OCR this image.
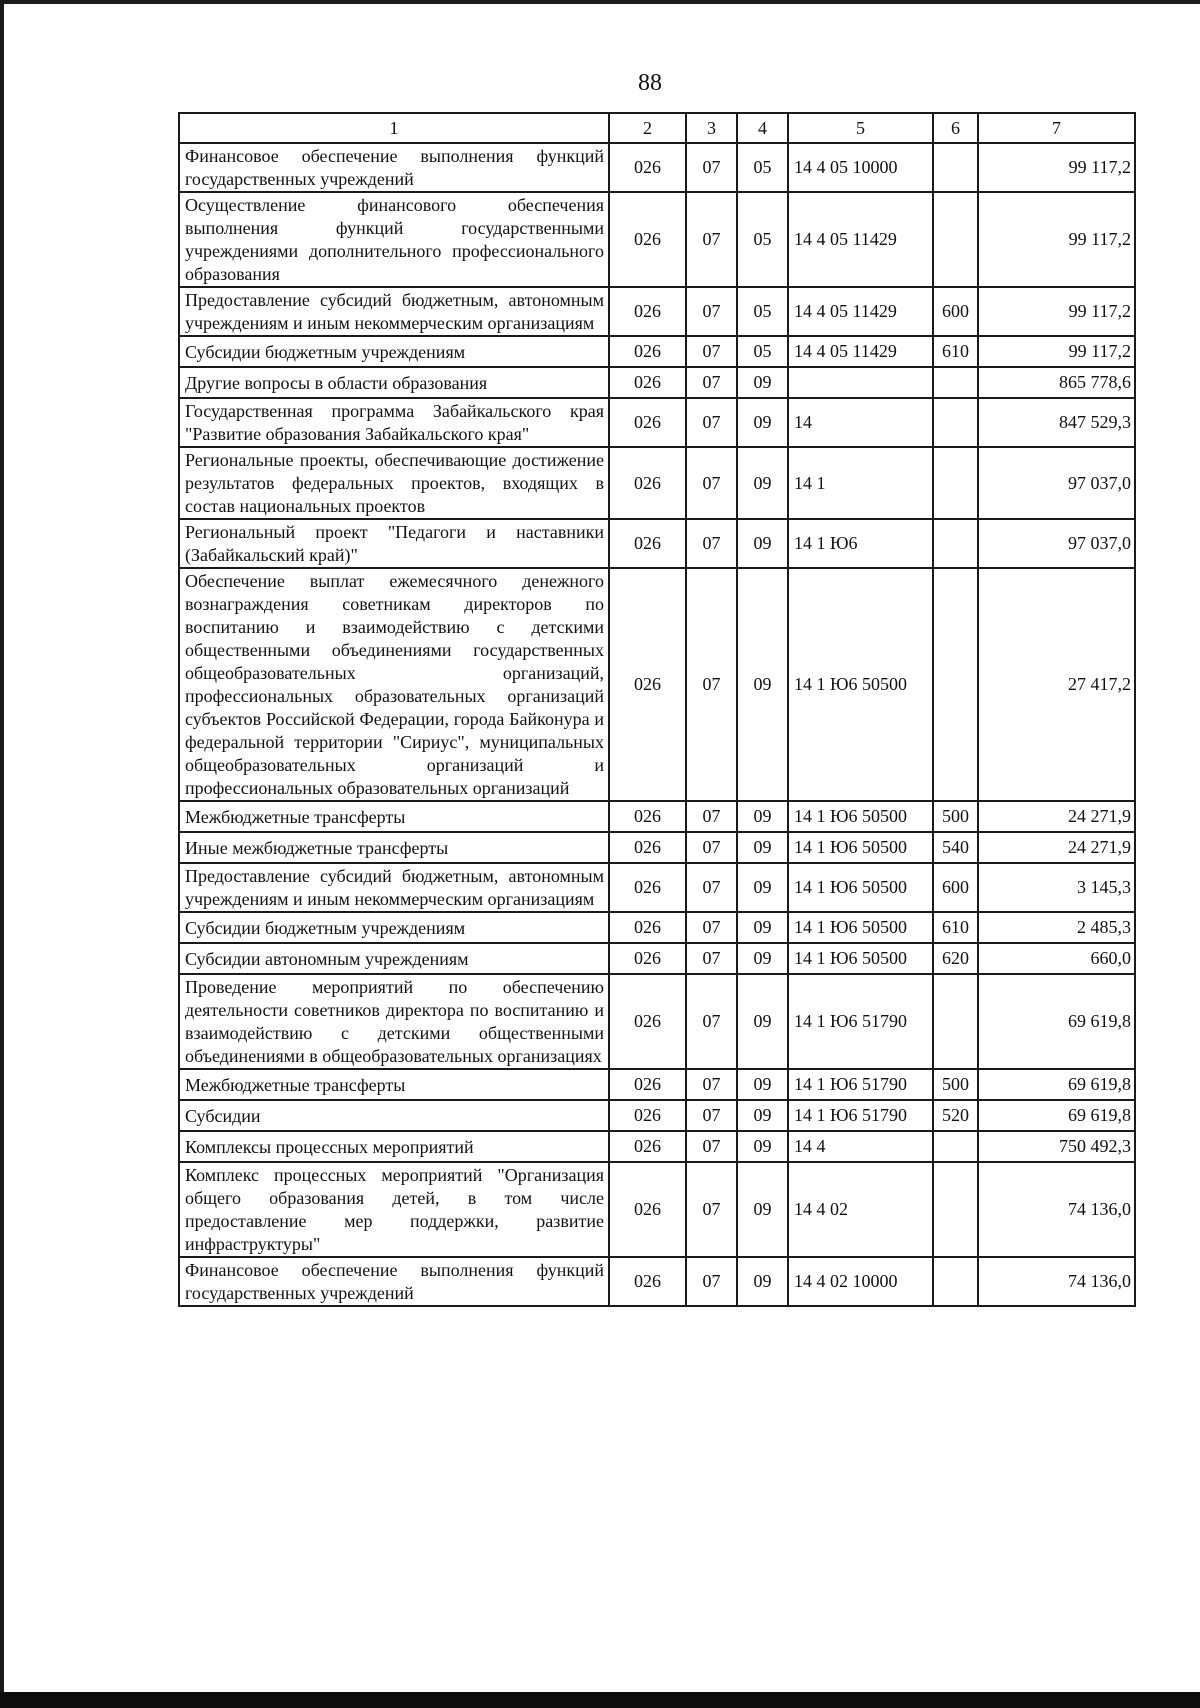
88
1	2	3	4	5	6	7
Финансовое обеспечение выполнения функций государственных учреждений	026	07	05	14 4 05 10000		99 117,2
Осуществление финансового обеспечения выполнения функций государственными учреждениями дополнительного профессионального образования	026	07	05	14 4 05 11429		99 117,2
Предоставление субсидий бюджетным, автономным учреждениям и иным некоммерческим организациям	026	07	05	14 4 05 11429	600	99 117,2
Субсидии бюджетным учреждениям	026	07	05	14 4 05 11429	610	99 117,2
Другие вопросы в области образования	026	07	09			865 778,6
Государственная программа Забайкальского края "Развитие образования Забайкальского края"	026	07	09	14		847 529,3
Региональные проекты, обеспечивающие достижение результатов федеральных проектов, входящих в состав национальных проектов	026	07	09	14 1		97 037,0
Региональный проект "Педагоги и наставники (Забайкальский край)"	026	07	09	14 1 Ю6		97 037,0
Обеспечение выплат ежемесячного денежного вознаграждения советникам директоров по воспитанию и взаимодействию с детскими общественными объединениями государственных общеобразовательных организаций, профессиональных образовательных организаций субъектов Российской Федерации, города Байконура и федеральной территории "Сириус", муниципальных общеобразовательных организаций и профессиональных образовательных организаций	026	07	09	14 1 Ю6 50500		27 417,2
Межбюджетные трансферты	026	07	09	14 1 Ю6 50500	500	24 271,9
Иные межбюджетные трансферты	026	07	09	14 1 Ю6 50500	540	24 271,9
Предоставление субсидий бюджетным, автономным учреждениям и иным некоммерческим организациям	026	07	09	14 1 Ю6 50500	600	3 145,3
Субсидии бюджетным учреждениям	026	07	09	14 1 Ю6 50500	610	2 485,3
Субсидии автономным учреждениям	026	07	09	14 1 Ю6 50500	620	660,0
Проведение мероприятий по обеспечению деятельности советников директора по воспитанию и взаимодействию с детскими общественными объединениями в общеобразовательных организациях	026	07	09	14 1 Ю6 51790		69 619,8
Межбюджетные трансферты	026	07	09	14 1 Ю6 51790	500	69 619,8
Субсидии	026	07	09	14 1 Ю6 51790	520	69 619,8
Комплексы процессных мероприятий	026	07	09	14 4		750 492,3
Комплекс процессных мероприятий "Организация общего образования детей, в том числе предоставление мер поддержки, развитие инфраструктуры"	026	07	09	14 4 02		74 136,0
Финансовое обеспечение выполнения функций государственных учреждений	026	07	09	14 4 02 10000		74 136,0
